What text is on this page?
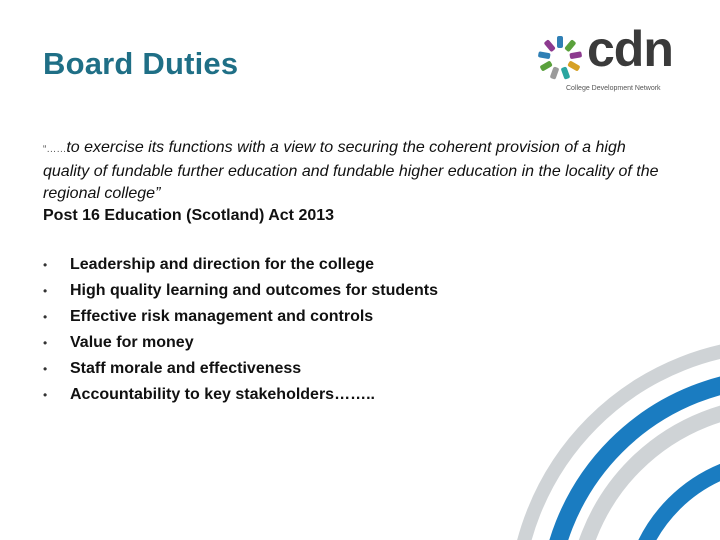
Board Duties	cdn
College Development Network
“……to exercise its functions with a view to securing the coherent provision of a high quality of fundable further education and fundable higher education in the locality of the regional college”
Post 16 Education (Scotland) Act 2013
•	Leadership and direction for the college
•	High quality learning and outcomes for students
•	Effective risk management and controls
•	Value for money
•	Staff morale and effectiveness
•	Accountability to key stakeholders……..
